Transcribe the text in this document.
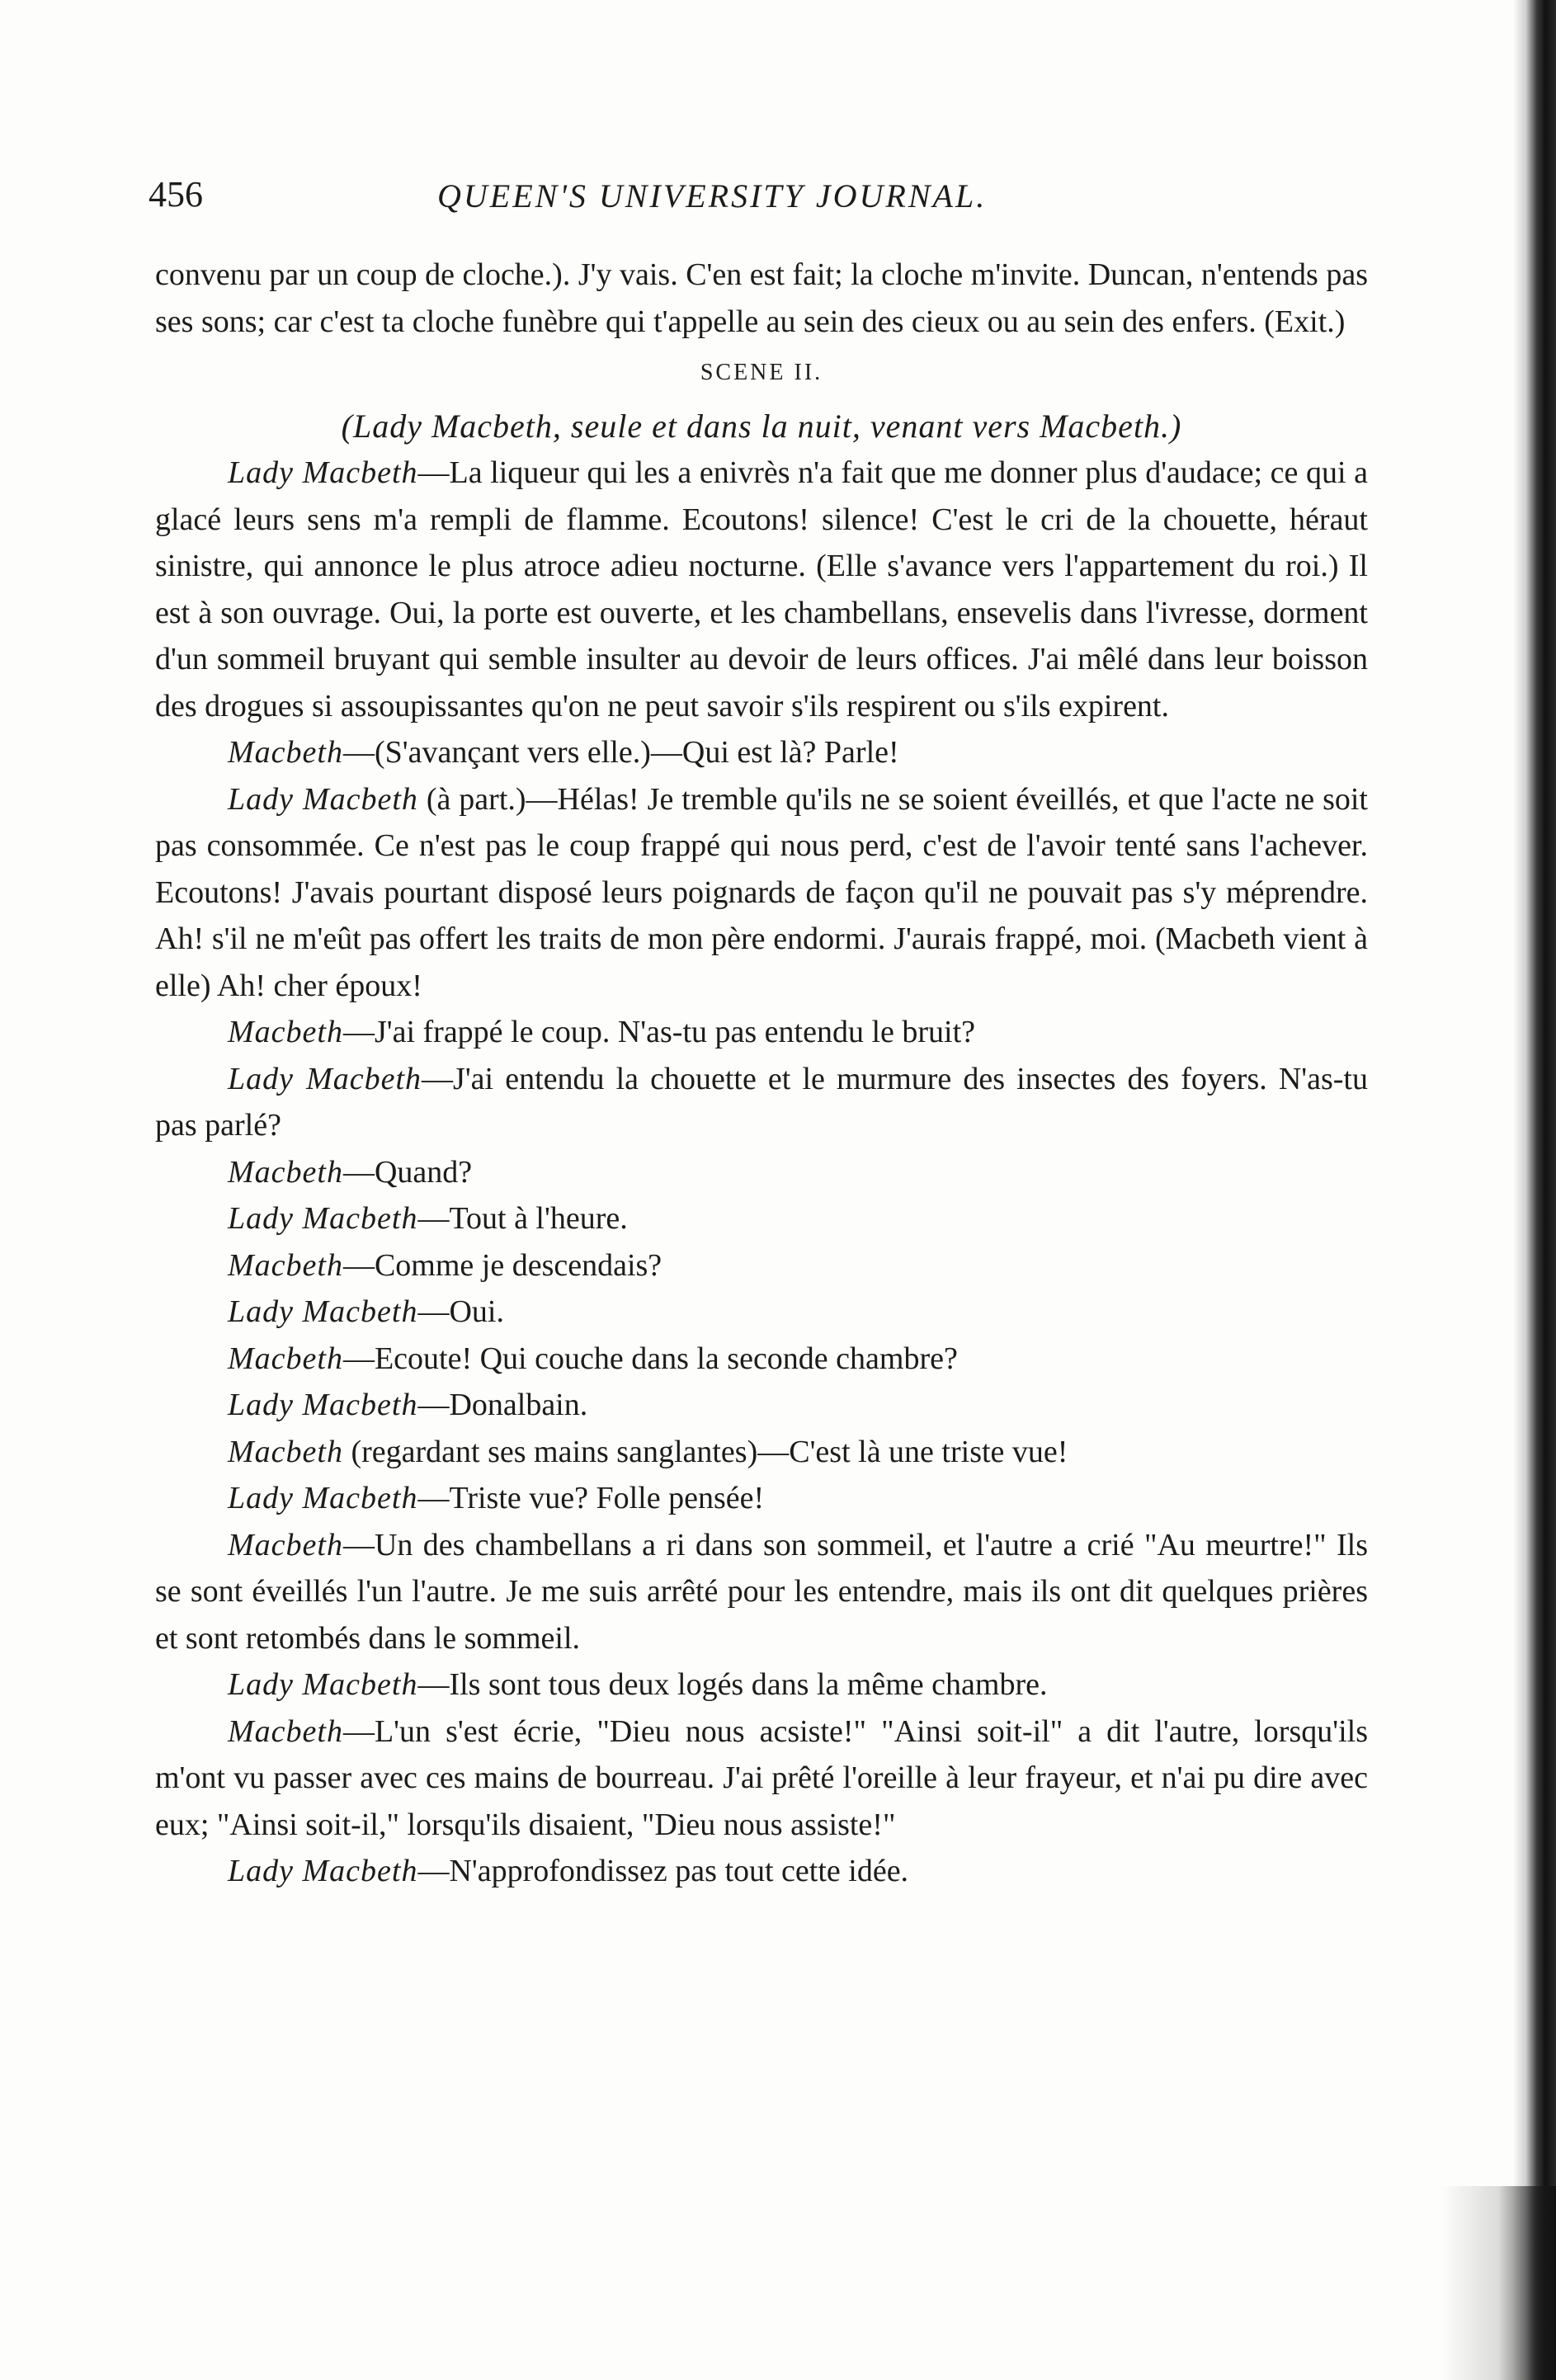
456	QUEEN'S UNIVERSITY JOURNAL.

convenu par un coup de cloche.). J'y vais. C'en est fait; la cloche m'invite. Duncan, n'entends pas ses sons; car c'est ta cloche funèbre qui t'appelle au sein des cieux ou au sein des enfers. (Exit.)

SCENE II.

(Lady Macbeth, seule et dans la nuit, venant vers Macbeth.)

Lady Macbeth—La liqueur qui les a enivrès n'a fait que me donner plus d'audace; ce qui a glacé leurs sens m'a rempli de flamme. Ecoutons! silence! C'est le cri de la chouette, héraut sinistre, qui annonce le plus atroce adieu nocturne. (Elle s'avance vers l'appartement du roi.) Il est à son ouvrage. Oui, la porte est ouverte, et les chambellans, ensevelis dans l'ivresse, dorment d'un sommeil bruyant qui semble insulter au devoir de leurs offices. J'ai mêlé dans leur boisson des drogues si assoupissantes qu'on ne peut savoir s'ils respirent ou s'ils expirent.

Macbeth—(S'avançant vers elle.)—Qui est là? Parle!

Lady Macbeth (à part.)—Hélas! Je tremble qu'ils ne se soient éveillés, et que l'acte ne soit pas consommée. Ce n'est pas le coup frappé qui nous perd, c'est de l'avoir tenté sans l'achever. Ecoutons! J'avais pourtant disposé leurs poignards de façon qu'il ne pouvait pas s'y méprendre. Ah! s'il ne m'eût pas offert les traits de mon père endormi. J'aurais frappé, moi. (Macbeth vient à elle) Ah! cher époux!

Macbeth—J'ai frappé le coup. N'as-tu pas entendu le bruit?

Lady Macbeth—J'ai entendu la chouette et le murmure des insectes des foyers. N'as-tu pas parlé?

Macbeth—Quand?

Lady Macbeth—Tout à l'heure.

Macbeth—Comme je descendais?

Lady Macbeth—Oui.

Macbeth—Ecoute! Qui couche dans la seconde chambre?

Lady Macbeth—Donalbain.

Macbeth (regardant ses mains sanglantes)—C'est là une triste vue!

Lady Macbeth—Triste vue? Folle pensée!

Macbeth—Un des chambellans a ri dans son sommeil, et l'autre a crié "Au meurtre!" Ils se sont éveillés l'un l'autre. Je me suis arrêté pour les entendre, mais ils ont dit quelques prières et sont retombés dans le sommeil.

Lady Macbeth—Ils sont tous deux logés dans la même chambre.

Macbeth—L'un s'est écrie, "Dieu nous acsiste!" "Ainsi soit-il" a dit l'autre, lorsqu'ils m'ont vu passer avec ces mains de bourreau. J'ai prêté l'oreille à leur frayeur, et n'ai pu dire avec eux; "Ainsi soit-il," lorsqu'ils disaient, "Dieu nous assiste!"

Lady Macbeth—N'approfondissez pas tout cette idée.
